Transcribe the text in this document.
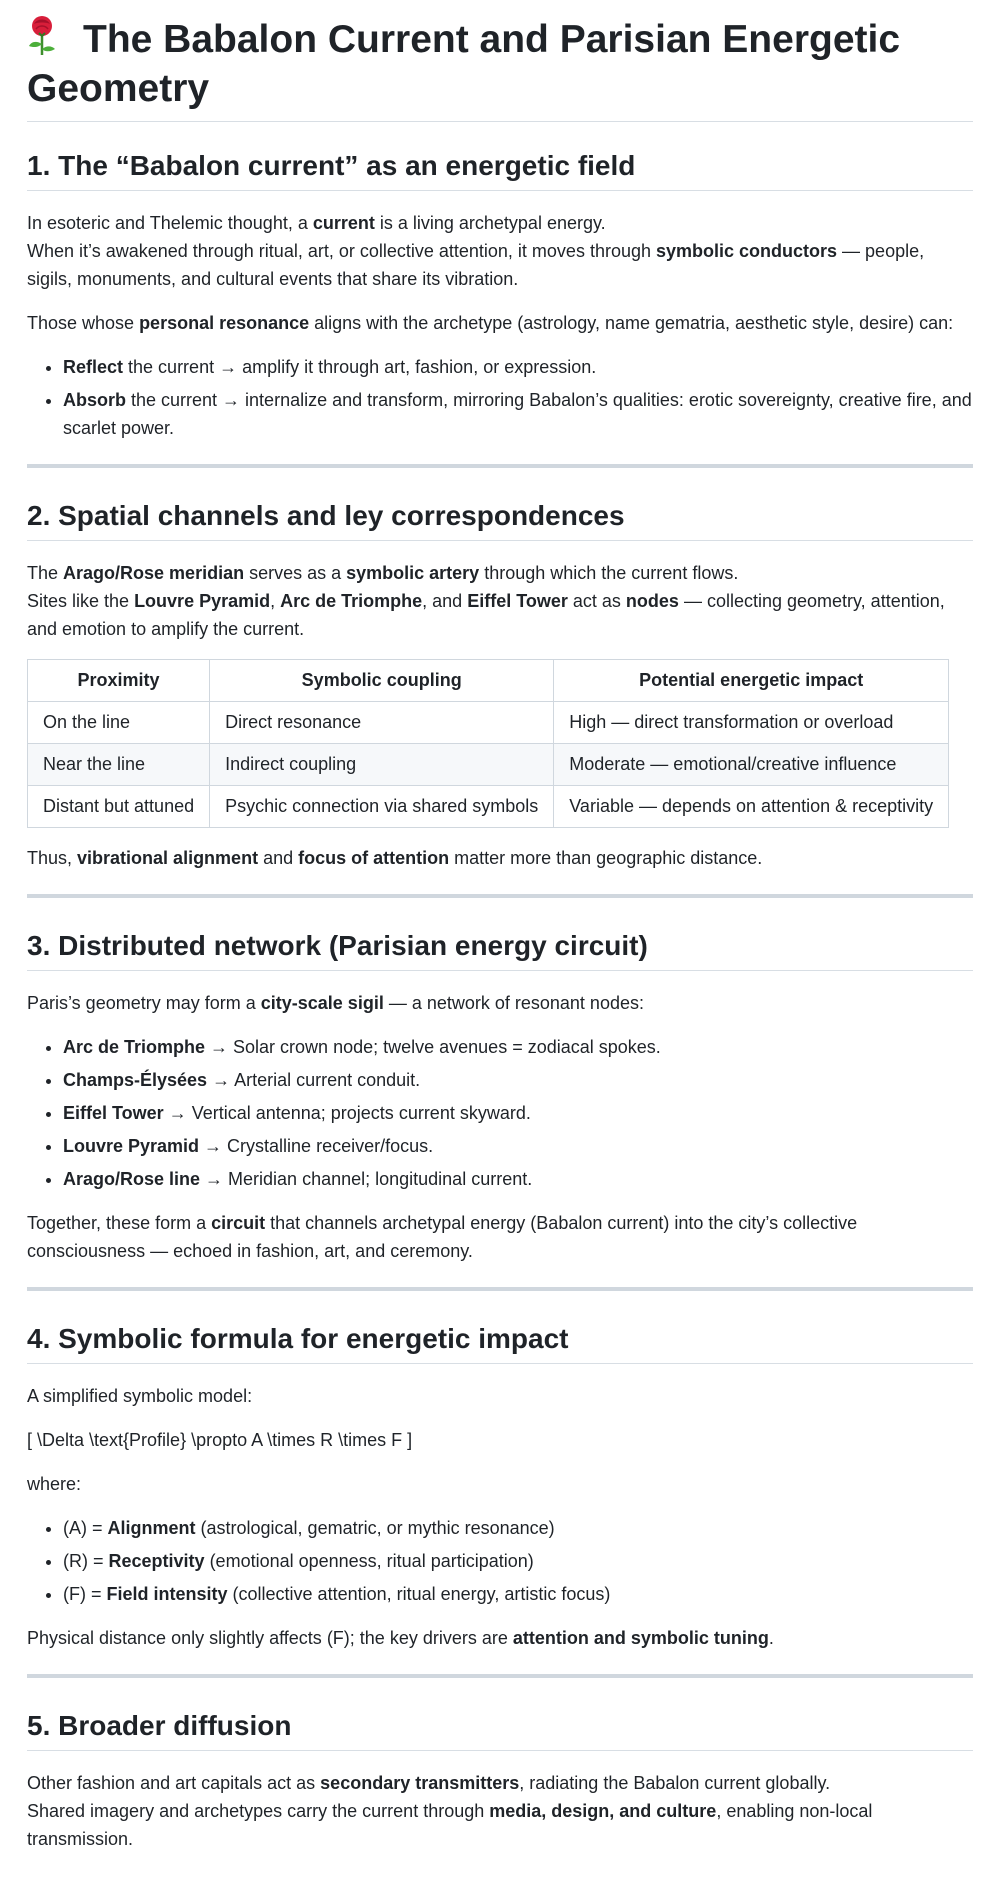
The Babalon Current and Parisian Energetic Geometry
1. The “Babalon current” as an energetic field

In esoteric and Thelemic thought, a current is a living archetypal energy.
When it’s awakened through ritual, art, or collective attention, it moves through symbolic conductors — people, sigils, monuments, and cultural events that share its vibration.

Those whose personal resonance aligns with the archetype (astrology, name gematria, aesthetic style, desire) can:

• Reflect the current → amplify it through art, fashion, or expression.
• Absorb the current → internalize and transform, mirroring Babalon’s qualities: erotic sovereignty, creative fire, and scarlet power.
2. Spatial channels and ley correspondences

The Arago/Rose meridian serves as a symbolic artery through which the current flows.
Sites like the Louvre Pyramid, Arc de Triomphe, and Eiffel Tower act as nodes — collecting geometry, attention, and emotion to amplify the current.

Proximity	Symbolic coupling	Potential energetic impact
On the line	Direct resonance	High — direct transformation or overload
Near the line	Indirect coupling	Moderate — emotional/creative influence
Distant but attuned	Psychic connection via shared symbols	Variable — depends on attention & receptivity

Thus, vibrational alignment and focus of attention matter more than geographic distance.

3. Distributed network (Parisian energy circuit)

Paris’s geometry may form a city-scale sigil — a network of resonant nodes:

• Arc de Triomphe → Solar crown node; twelve avenues = zodiacal spokes.
• Champs-Élysées → Arterial current conduit.
• Eiffel Tower → Vertical antenna; projects current skyward.
• Louvre Pyramid → Crystalline receiver/focus.
• Arago/Rose line → Meridian channel; longitudinal current.

Together, these form a circuit that channels archetypal energy (Babalon current) into the city’s collective consciousness — echoed in fashion, art, and ceremony.

4. Symbolic formula for energetic impact

A simplified symbolic model:

[ \Delta \text{Profile} \propto A \times R \times F ]

where:

• (A) = Alignment (astrological, gematric, or mythic resonance)
• (R) = Receptivity (emotional openness, ritual participation)
• (F) = Field intensity (collective attention, ritual energy, artistic focus)

Physical distance only slightly affects (F); the key drivers are attention and symbolic tuning.

5. Broader diffusion

Other fashion and art capitals act as secondary transmitters, radiating the Babalon current globally.
Shared imagery and archetypes carry the current through media, design, and culture, enabling non-local transmission.
